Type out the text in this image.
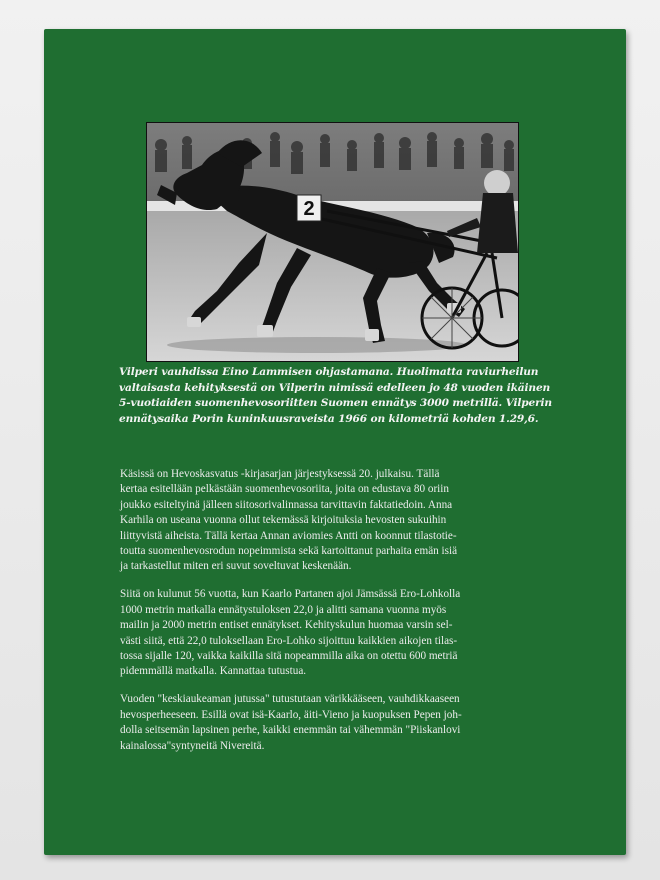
2

Vilperi vauhdissa Eino Lammisen ohjastamana. Huolimatta raviurheilun
valtaisasta kehityksestä on Vilperin nimissä edelleen jo 48 vuoden ikäinen
5-vuotiaiden suomenhevosoriitten Suomen ennätys 3000 metrillä. Vilperin
ennätysaika Porin kuninkuusraveista 1966 on kilometriä kohden 1.29,6.

Käsissä on Hevoskasvatus -kirjasarjan järjestyksessä 20. julkaisu. Tällä
kertaa esitellään pelkästään suomenhevosoriita, joita on edustava 80 oriin
joukko esiteltyinä jälleen siitosorivalinnassa tarvittavin faktatiedoin. Anna
Karhila on useana vuonna ollut tekemässä kirjoituksia hevosten sukuihin
liittyvistä aiheista. Tällä kertaa Annan aviomies Antti on koonnut tilastotie-
toutta suomenhevosrodun nopeimmista sekä kartoittanut parhaita emän isiä
ja tarkastellut miten eri suvut soveltuvat keskenään.

Siitä on kulunut 56 vuotta, kun Kaarlo Partanen ajoi Jämsässä Ero-Lohkolla
1000 metrin matkalla ennätystuloksen 22,0 ja alitti samana vuonna myös
mailin ja 2000 metrin entiset ennätykset. Kehityskulun huomaa varsin sel-
västi siitä, että 22,0 tuloksellaan Ero-Lohko sijoittuu kaikkien aikojen tilas-
tossa sijalle 120, vaikka kaikilla sitä nopeammilla aika on otettu 600 metriä
pidemmällä matkalla. Kannattaa tutustua.

Vuoden "keskiaukeaman jutussa" tutustutaan värikkääseen, vauhdikkaaseen
hevosperheeseen. Esillä ovat isä-Kaarlo, äiti-Vieno ja kuopuksen Pepen joh-
dolla seitsemän lapsinen perhe, kaikki enemmän tai vähemmän "Piiskanlovi
kainalossa"syntyneitä Nivereitä.
